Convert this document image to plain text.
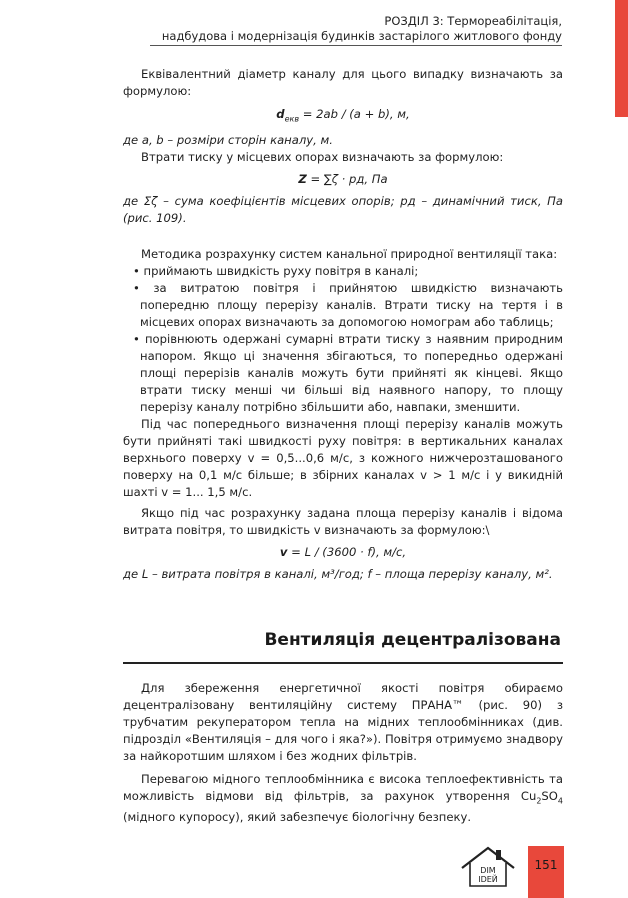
РОЗДІЛ 3: Термореабілітація,
надбудова і модернізація будинків застарілого житлового фонду

Еквівалентний діаметр каналу для цього випадку визначають за формулою:

$d_{екв} = 2ab / (a + b)$, м,

де a, b – розміри сторін каналу, м.

Втрати тиску у місцевих опорах визначають за формулою:

Z = ∑ζ · pд, Па

де Σζ – сума коефіцієнтів місцевих опорів; pд – динамічний тиск, Па (рис. 109).

Методика розрахунку систем канальної природної вентиляції така:

• приймають швидкість руху повітря в каналі;

• за витратою повітря і прийнятою швидкістю визначають попередню площу перерізу каналів. Втрати тиску на тертя і в місцевих опорах визначають за допомогою номограм або таблиць;

• порівнюють одержані сумарні втрати тиску з наявним природним напором. Якщо ці значення збігаються, то попередньо одержані площі перерізів каналів можуть бути прийняті як кінцеві. Якщо втрати тиску менші чи більші від наявного напору, то площу перерізу каналу потрібно збільшити або, навпаки, зменшити.

Під час попереднього визначення площі перерізу каналів можуть бути прийняті такі швидкості руху повітря: в вертикальних каналах верхнього поверху v = 0,5...0,6 м/с, з кожного нижчерозташованого поверху на 0,1 м/с більше; в збірних каналах v > 1 м/с і у викидній шахті v = 1... 1,5 м/с.

Якщо під час розрахунку задана площа перерізу каналів і відома витрата повітря, то швидкість v визначають за формулою:\

v = L / (3600 · f), м/с,

де L – витрата повітря в каналі, м³/год; f – площа перерізу каналу, м².

Вентиляція децентралізована

Для збереження енергетичної якості повітря обираємо децентралізовану вентиляційну систему ПРАНА™ (рис. 90) з трубчатим рекуператором тепла на мідних теплообмінниках (див. підрозділ «Вентиляція – для чого і яка?»). Повітря отримуємо знадвору за найкоротшим шляхом і без жодних фільтрів.

Перевагою мідного теплообмінника є висока теплоефективність та можливість відмови від фільтрів, за рахунок утворення $Cu_2SO_4$ (мідного купоросу), який забезпечує біологічну безпеку.

DIM
IDEЙ
151
